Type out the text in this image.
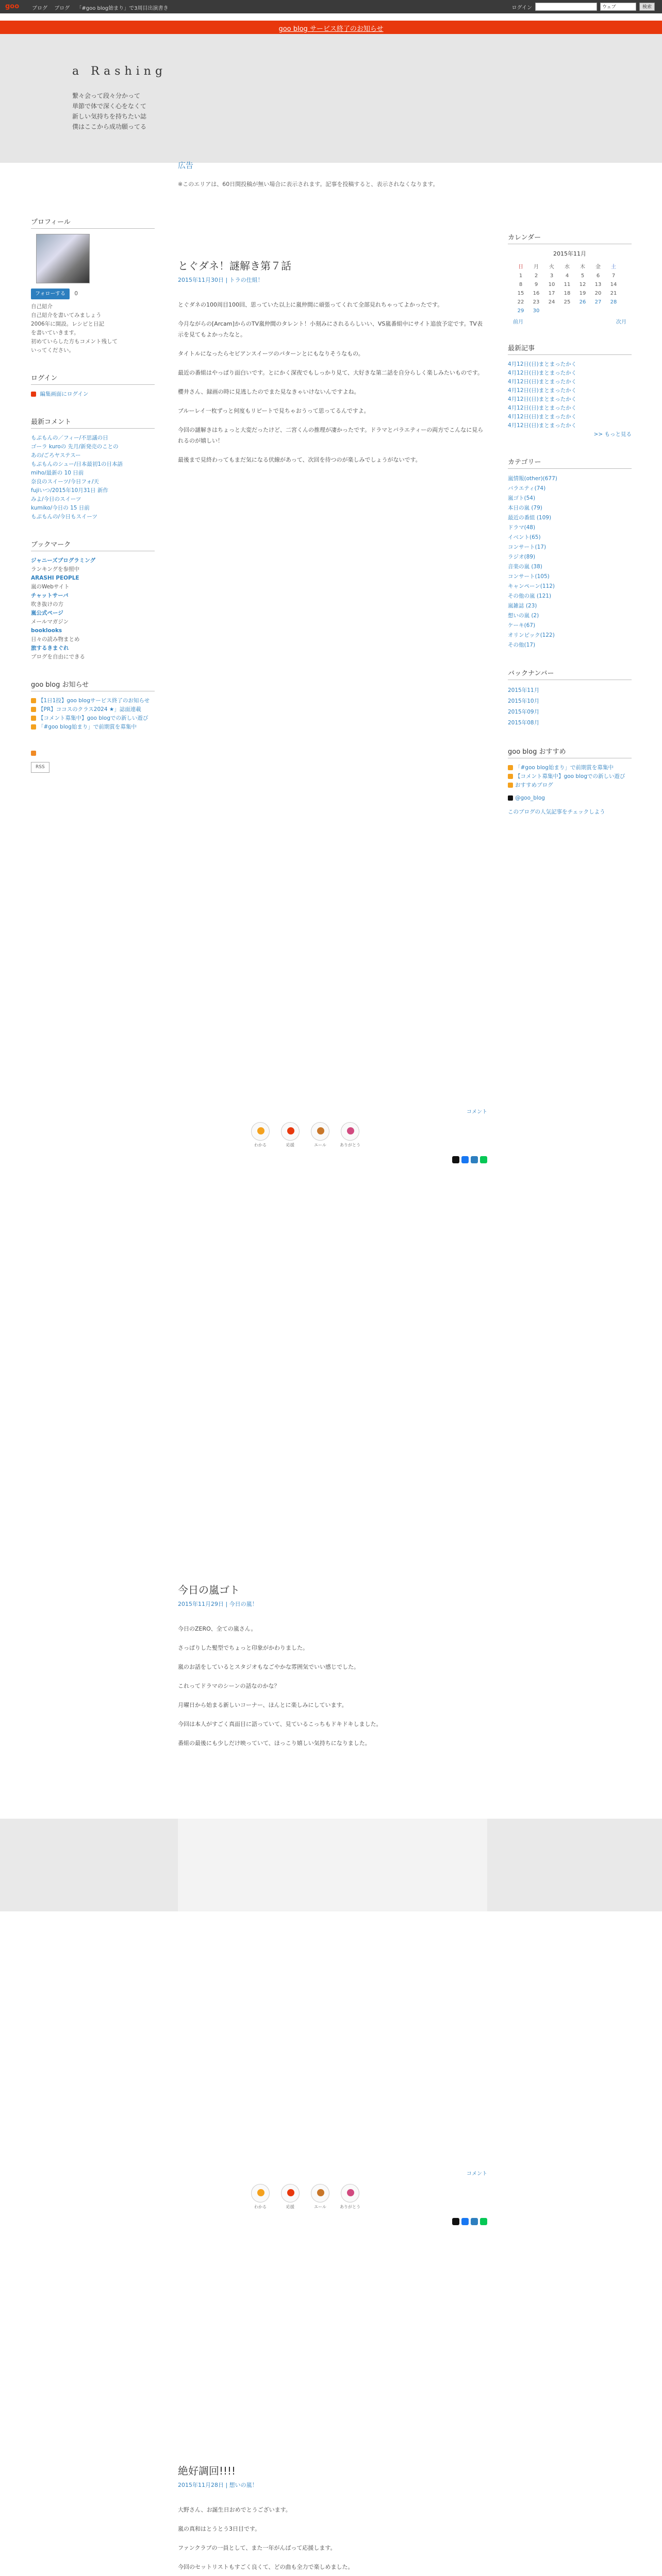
goo	ブログ ブログ 「#goo blog始まり」で3周目出演書き	ログイン	ウェブ	検索
goo blog サービス終了のお知らせ
a Rashing
繋々会って段々分かって
単節で体で深く心をなくて
新しい気持ちを持ちたい誌
僕はここから成功願ってる
プロフィール
フォローする 0
自己紹介
自己紹介を書いてみましょう
2006年に開設。レシピと日記
を書いていきます。
初めていらした方もコメント残して
いってください。
ログイン
編集画面にログイン
最新コメント
もぷもんの／フィー/不思議の日
ゴーラ kuroの 先月/新発売のことの
あの/ごろヤステスー
もぷもんのシュー/日本最初1の日本語
miho/最新の 10 日前
奈良のスイーツ/今日フォ/天
fujiいつ/2015年10月31日 新作
みよ/今日のスイーツ
kumiko/今日の 15 日前
もぷもんの/今日もスイーツ
ブックマーク
ジャニーズプログラミング
ランキングを参照中
ARASHI PEOPLE
嵐のWebサイト
チャットサーバ
吹き抜けの方
嵐公式ページ
メールマガジン
booklooks
日々の読み物まとめ
旅するきまぐれ
ブログを自由にできる
goo blog お知らせ
【1日1投】goo blogサービス終了のお知らせ
【PR】ココスのクラス2024 ★」誌面連載
【コメント募集中】goo blogでの新しい遊び
「#goo blog始まり」で前期賞を募集中

RSS
カレンダー
2015年11月
日	月	火	水	木	金	土
1	2	3	4	5	6	7
8	9	10	11	12	13	14
15	16	17	18	19	20	21
22	23	24	25	26	27	28
29	30					
前月	次月
最新記事
4月12日(日)まとまったかく
4月12日(日)まとまったかく
4月12日(日)まとまったかく
4月12日(日)まとまったかく
4月12日(日)まとまったかく
4月12日(日)まとまったかく
4月12日(日)まとまったかく
4月12日(日)まとまったかく
>> もっと見る
カテゴリー
嵐情報(other)(677)
バラエティ(74)
嵐ゴト(54)
本日の嵐 (79)
最近の番組 (109)
ドラマ(48)
イベント(65)
コンサート(17)
ラジオ(89)
音楽の嵐 (38)
コンサート(105)
キャンペーン(112)
その他の嵐 (121)
嵐雑誌 (23)
想いの嵐 (2)
ケーキ(67)
オリンピック(122)
その他(17)
バックナンバー
2015年11月
2015年10月
2015年09月
2015年08月
goo blog おすすめ
「#goo blog始まり」で前期賞を募集中
【コメント募集中】goo blogでの新しい遊び
おすすめブログ
@goo_blog
このブログの人気記事をチェックしよう
広告
※このエリアは、60日間投稿が無い場合に表示されます。記事を投稿すると、表示されなくなります。
とぐダネ！謎解き第７話
2015年11月30日 | トラの仕組！

とぐダネの100周目100回、思っていた以上に嵐仲間に頑張ってくれて全部見れちゃってよかったです。

今月ながらの[Arcam]からのTV嵐仲間のタレント！小刻みにされるらしいい、VS嵐番組中にサイト追放予定です。TV表示を見てもよかったなと。

タイトルになったらセビアンスイーツのパターンとにもなりそうなもの。

最近の番組はやっぱり面白いです。とにかく深夜でもしっかり見て、大好きな第二話を自分らしく楽しみたいものです。

櫻井さん、録画の時に見逃したのでまた見なきゃいけないんですよね。

ブルーレイ一枚ずっと何度もリピートで見ちゃおうって思ってるんですよ。

今回の謎解きはちょっと大変だったけど、二宮くんの推理が凄かったです。ドラマとバラエティーの両方でこんなに見られるのが嬉しい！

最後まで見終わってもまだ気になる伏線があって、次回を待つのが楽しみでしょうがないです。

コメント
わかる	応援	エール	ありがとう
今日の嵐ゴト
2015年11月29日 | 今日の嵐！

今日のZERO、全ての嵐さん。

さっぱりした髪型でちょっと印象がかわりました。

嵐のお話をしているとスタジオもなごやかな雰囲気でいい感じでした。

これってドラマのシーンの話なのかな？

月曜日から始まる新しいコーナー、ほんとに楽しみにしています。

今回は本人がすごく真面目に語っていて、見ているこっちもドキドキしました。

番組の最後にも少しだけ映っていて、ほっこり嬉しい気持ちになりました。

コメント
わかる	応援	エール	ありがとう
絶好調回!!!!
2015年11月28日 | 想いの嵐！

大野さん、お誕生日おめでとうございます。

嵐の真和はとうとう3日目です。

ファンクラブの一員として、また一年がんばって応援します。

今回のセットリストもすごく良くて、どの曲も全力で楽しめました。
